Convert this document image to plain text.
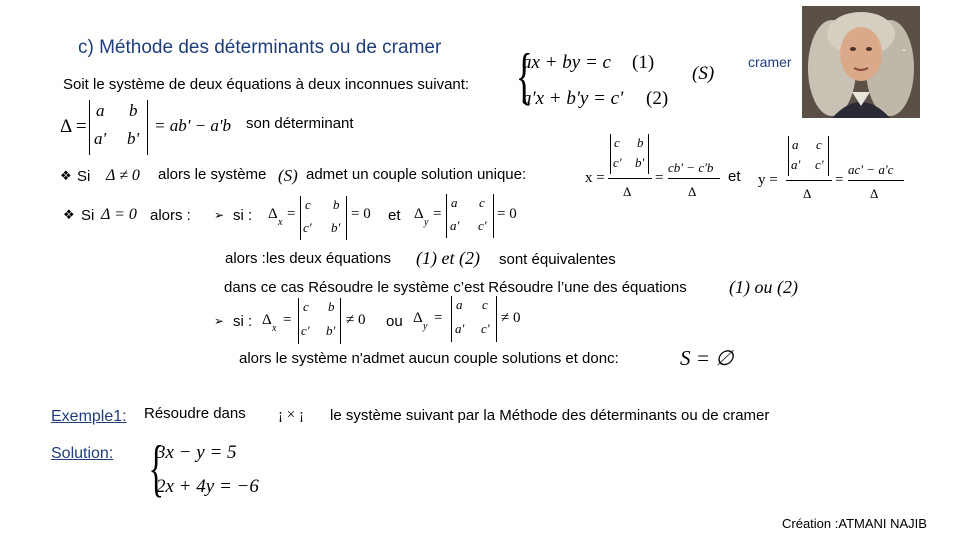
c) Méthode des déterminants ou de cramer
cramer
-
Soit le système de deux équations à deux inconnues suivant: {
ax + by = c (1)
a'x + b'y = c' (2)
(S)
Δ =
a b
a' b'
= ab' − a'b son déterminant
❖ Si Δ ≠ 0 alors le système (S) admet un couple solution unique:	x =
c b
c' b'
Δ
=
cb' − c'b
Δ
et y =
a c
a' c'
Δ
=
ac' − a'c
Δ
❖ Si Δ = 0 alors : ➢ si : Δ
x
=
c b
c' b'
= 0 et Δ
y
=
a c
a' c'
= 0
alors :les deux équations (1) et (2) sont équivalentes
dans ce cas Résoudre le système c’est Résoudre l’une des équations (1) ou (2)
➢ si : Δ
x
=
c b
c' b'
≠ 0 ou Δ
y
=
a c
a' c'
≠ 0
alors le système n'admet aucun couple solutions et donc:	S = ∅
Exemple1: Résoudre dans ¡ × ¡ le système suivant par la Méthode des déterminants ou de cramer
Solution: {
3x − y = 5
2x + 4y = −6
Création :ATMANI NAJIB
